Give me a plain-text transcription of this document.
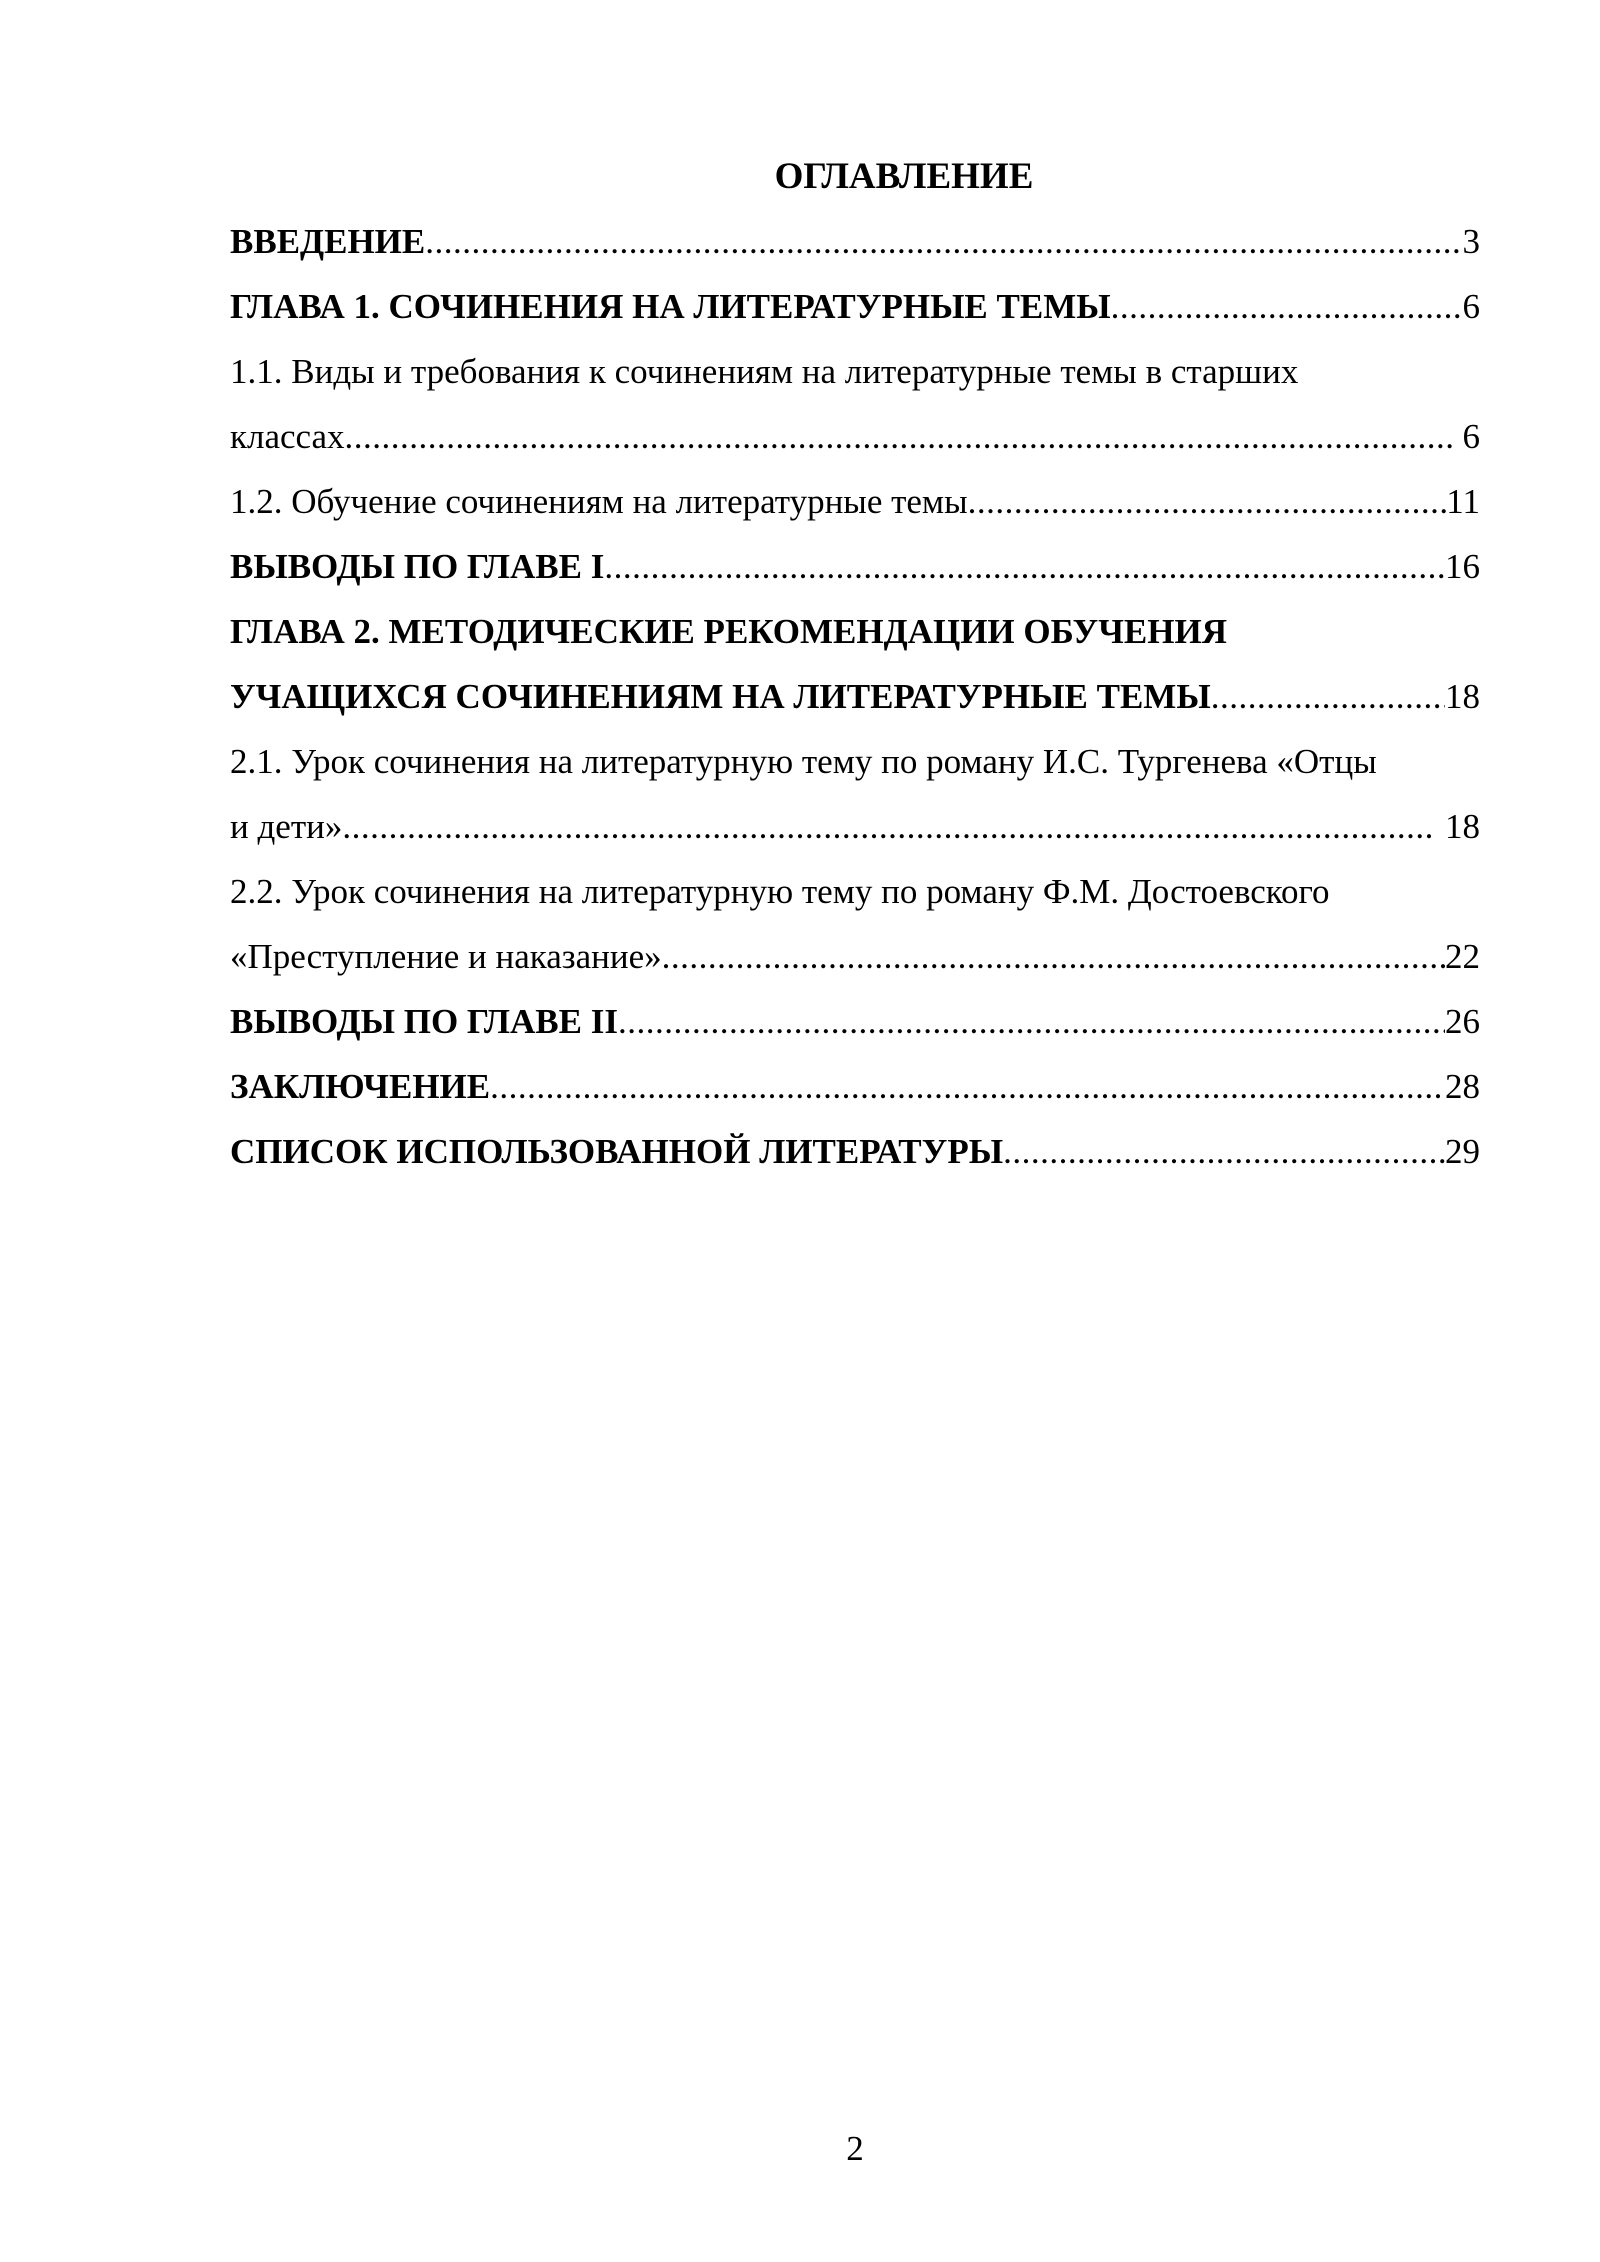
ОГЛАВЛЕНИЕ
ВВЕДЕНИЕ .....	3
ГЛАВА 1. СОЧИНЕНИЯ НА ЛИТЕРАТУРНЫЕ ТЕМЫ .....	6
1.1. Виды и требования к сочинениям на литературные темы в старших
классах .....	6
1.2. Обучение сочинениям на литературные темы .....	11
ВЫВОДЫ ПО ГЛАВЕ I .....	16
ГЛАВА 2. МЕТОДИЧЕСКИЕ РЕКОМЕНДАЦИИ ОБУЧЕНИЯ
УЧАЩИХСЯ СОЧИНЕНИЯМ НА ЛИТЕРАТУРНЫЕ ТЕМЫ .....	18
2.1. Урок сочинения на литературную тему по роману И.С. Тургенева «Отцы
и дети» .....	18
2.2. Урок сочинения на литературную тему по роману Ф.М. Достоевского
«Преступление и наказание» .....	22
ВЫВОДЫ ПО ГЛАВЕ II .....	26
ЗАКЛЮЧЕНИЕ .....	28
СПИСОК ИСПОЛЬЗОВАННОЙ ЛИТЕРАТУРЫ .....	29
2
